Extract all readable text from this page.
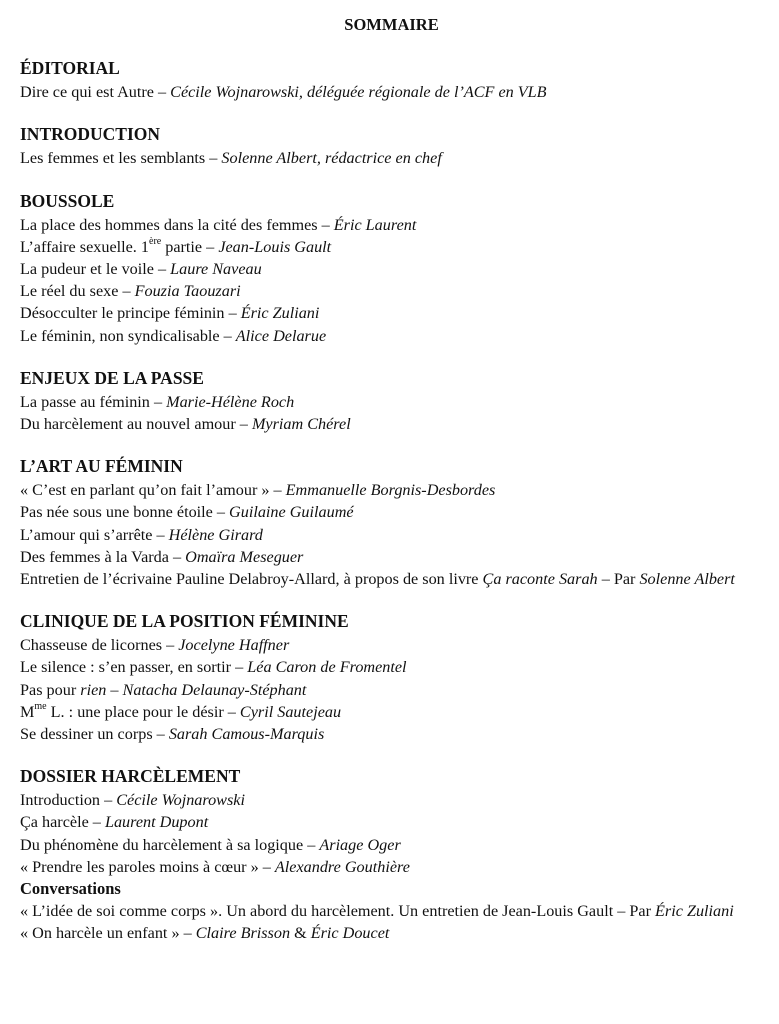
SOMMAIRE
ÉDITORIAL
Dire ce qui est Autre – Cécile Wojnarowski, déléguée régionale de l’ACF en VLB
INTRODUCTION
Les femmes et les semblants – Solenne Albert, rédactrice en chef
BOUSSOLE
La place des hommes dans la cité des femmes – Éric Laurent
L’affaire sexuelle. 1ère partie – Jean-Louis Gault
La pudeur et le voile – Laure Naveau
Le réel du sexe – Fouzia Taouzari
Désocculter le principe féminin – Éric Zuliani
Le féminin, non syndicalisable – Alice Delarue
ENJEUX DE LA PASSE
La passe au féminin – Marie-Hélène Roch
Du harcèlement au nouvel amour – Myriam Chérel
L’ART AU FÉMININ
« C’est en parlant qu’on fait l’amour » – Emmanuelle Borgnis-Desbordes
Pas née sous une bonne étoile – Guilaine Guilaumé
L’amour qui s’arrête – Hélène Girard
Des femmes à la Varda – Omaïra Meseguer
Entretien de l’écrivaine Pauline Delabroy-Allard, à propos de son livre Ça raconte Sarah – Par Solenne Albert
CLINIQUE DE LA POSITION FÉMININE
Chasseuse de licornes – Jocelyne Haffner
Le silence : s’en passer, en sortir – Léa Caron de Fromentel
Pas pour rien – Natacha Delaunay-Stéphant
$M^{me}$ L. : une place pour le désir – Cyril Sautejeau
Se dessiner un corps – Sarah Camous-Marquis
DOSSIER HARCÈLEMENT
Introduction – Cécile Wojnarowski
Ça harcèle – Laurent Dupont
Du phénomène du harcèlement à sa logique – Ariage Oger
« Prendre les paroles moins à cœur » – Alexandre Gouthière
Conversations
« L’idée de soi comme corps ». Un abord du harcèlement. Un entretien de Jean-Louis Gault – Par Éric Zuliani
« On harcèle un enfant » – Claire Brisson & Éric Doucet
